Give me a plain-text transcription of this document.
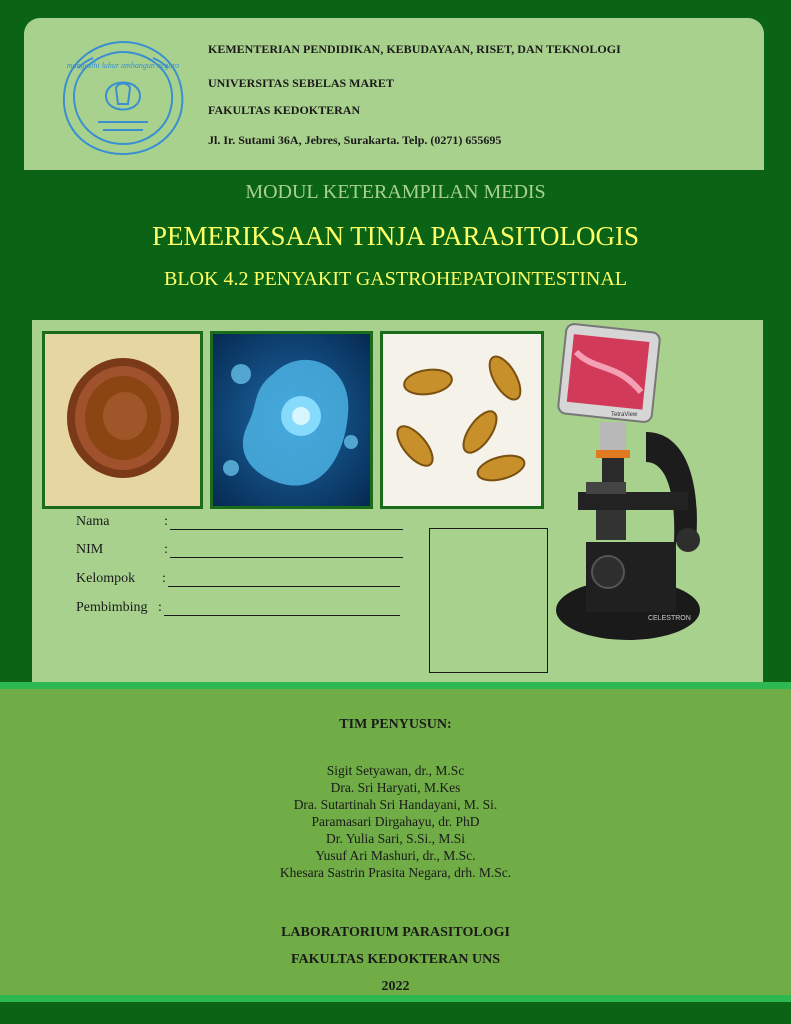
mangesthi luhur ambangun negoro
KEMENTERIAN PENDIDIKAN, KEBUDAYAAN, RISET, DAN TEKNOLOGI
UNIVERSITAS SEBELAS MARET
FAKULTAS KEDOKTERAN
Jl. Ir. Sutami 36A, Jebres, Surakarta. Telp. (0271) 655695
MODUL KETERAMPILAN MEDIS
PEMERIKSAAN TINJA PARASITOLOGIS
BLOK 4.2 PENYAKIT GASTROHEPATOINTESTINAL
TetraView
CELESTRON
Nama	:
NIM	:
Kelompok :
Pembimbing :
TIM PENYUSUN:
Sigit Setyawan, dr., M.Sc
Dra. Sri Haryati, M.Kes
Dra. Sutartinah Sri Handayani, M. Si.
Paramasari Dirgahayu, dr. PhD
Dr. Yulia Sari, S.Si., M.Si
Yusuf Ari Mashuri, dr., M.Sc.
Khesara Sastrin Prasita Negara, drh. M.Sc.
LABORATORIUM PARASITOLOGI
FAKULTAS KEDOKTERAN UNS
2022
